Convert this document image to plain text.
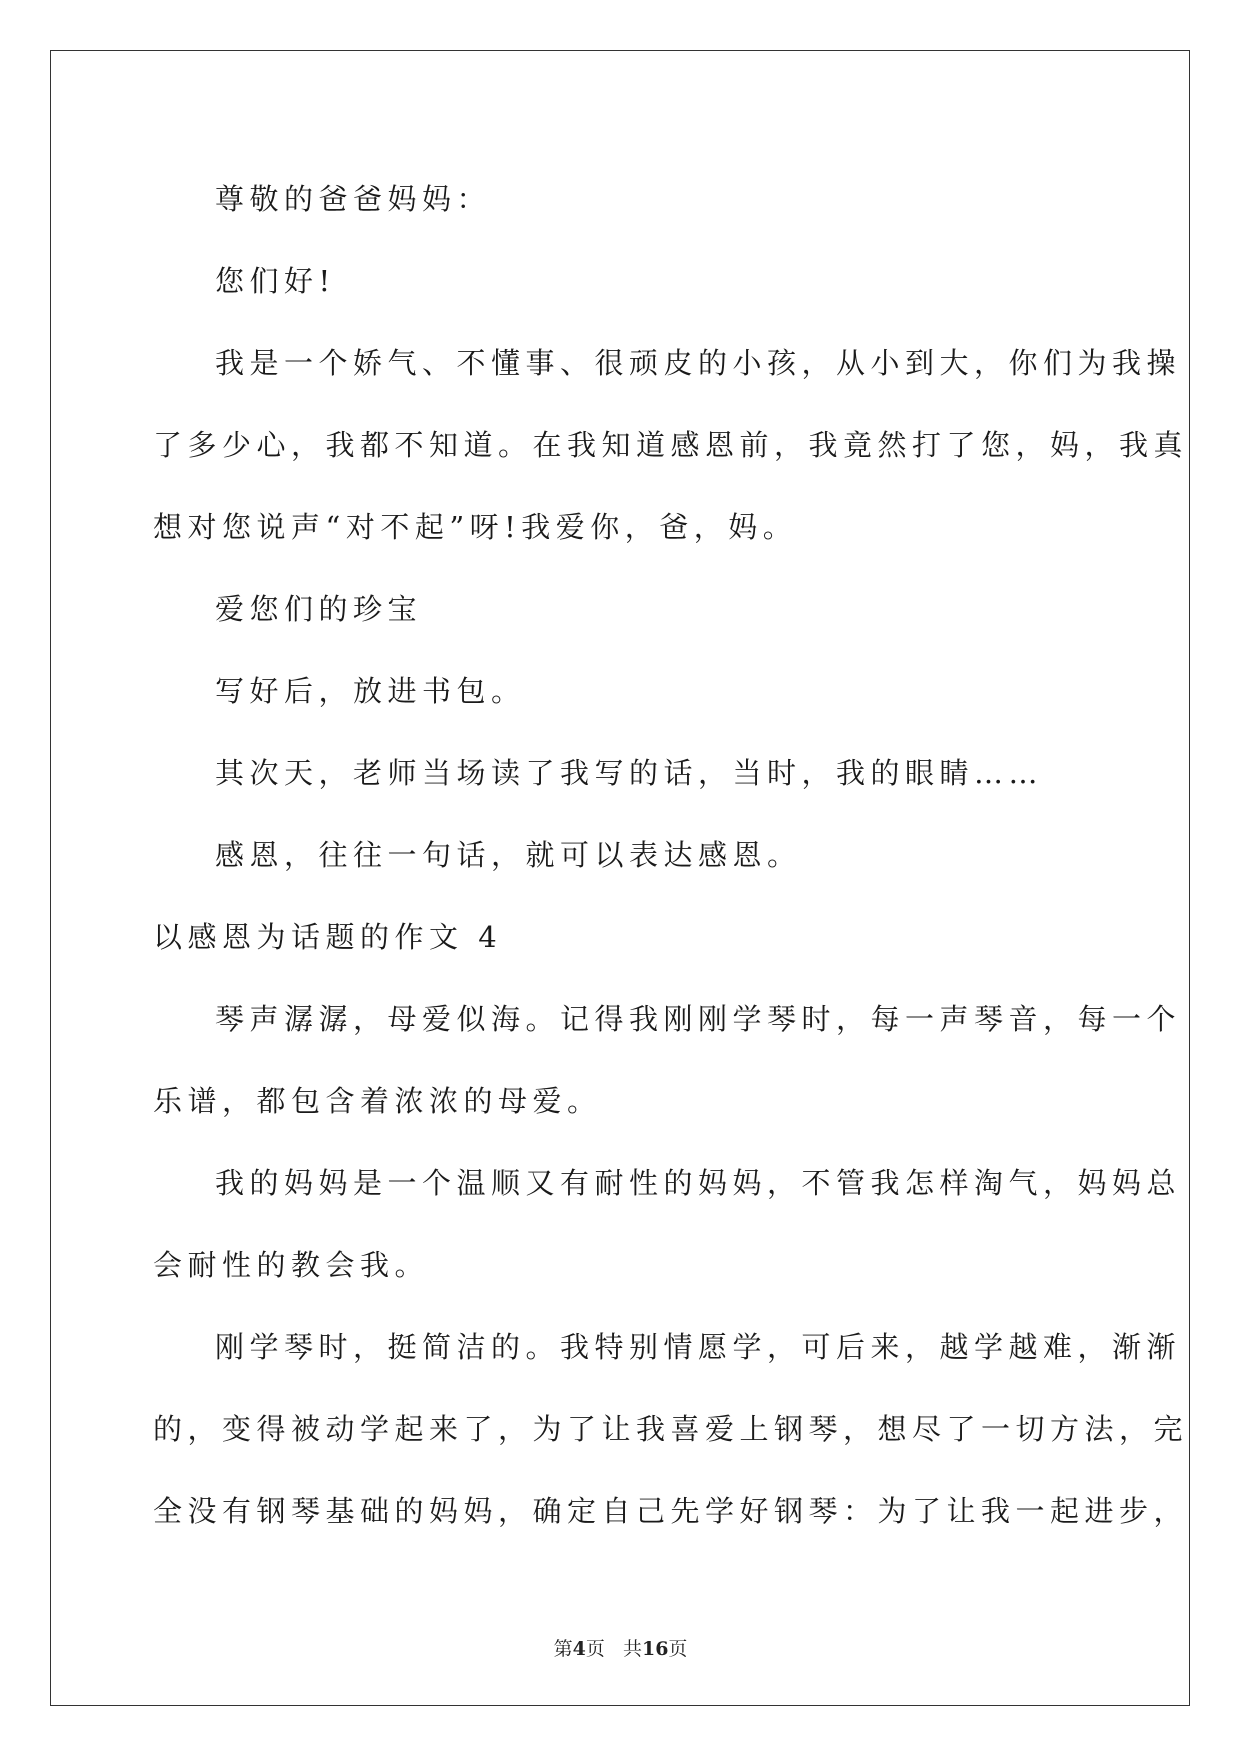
尊敬的爸爸妈妈：
您们好!
我是一个娇气、不懂事、很顽皮的小孩，从小到大，你们为我操
了多少心，我都不知道。在我知道感恩前，我竟然打了您，妈，我真
想对您说声“对不起”呀!我爱你，爸，妈。
爱您们的珍宝
写好后，放进书包。
其次天，老师当场读了我写的话，当时，我的眼睛……
感恩，往往一句话，就可以表达感恩。
以感恩为话题的作文 4
琴声潺潺，母爱似海。记得我刚刚学琴时，每一声琴音，每一个
乐谱，都包含着浓浓的母爱。
我的妈妈是一个温顺又有耐性的妈妈，不管我怎样淘气，妈妈总
会耐性的教会我。
刚学琴时，挺简洁的。我特别情愿学，可后来，越学越难，渐渐
的，变得被动学起来了，为了让我喜爱上钢琴，想尽了一切方法，完
全没有钢琴基础的妈妈，确定自己先学好钢琴：为了让我一起进步，
第4页 共16页
